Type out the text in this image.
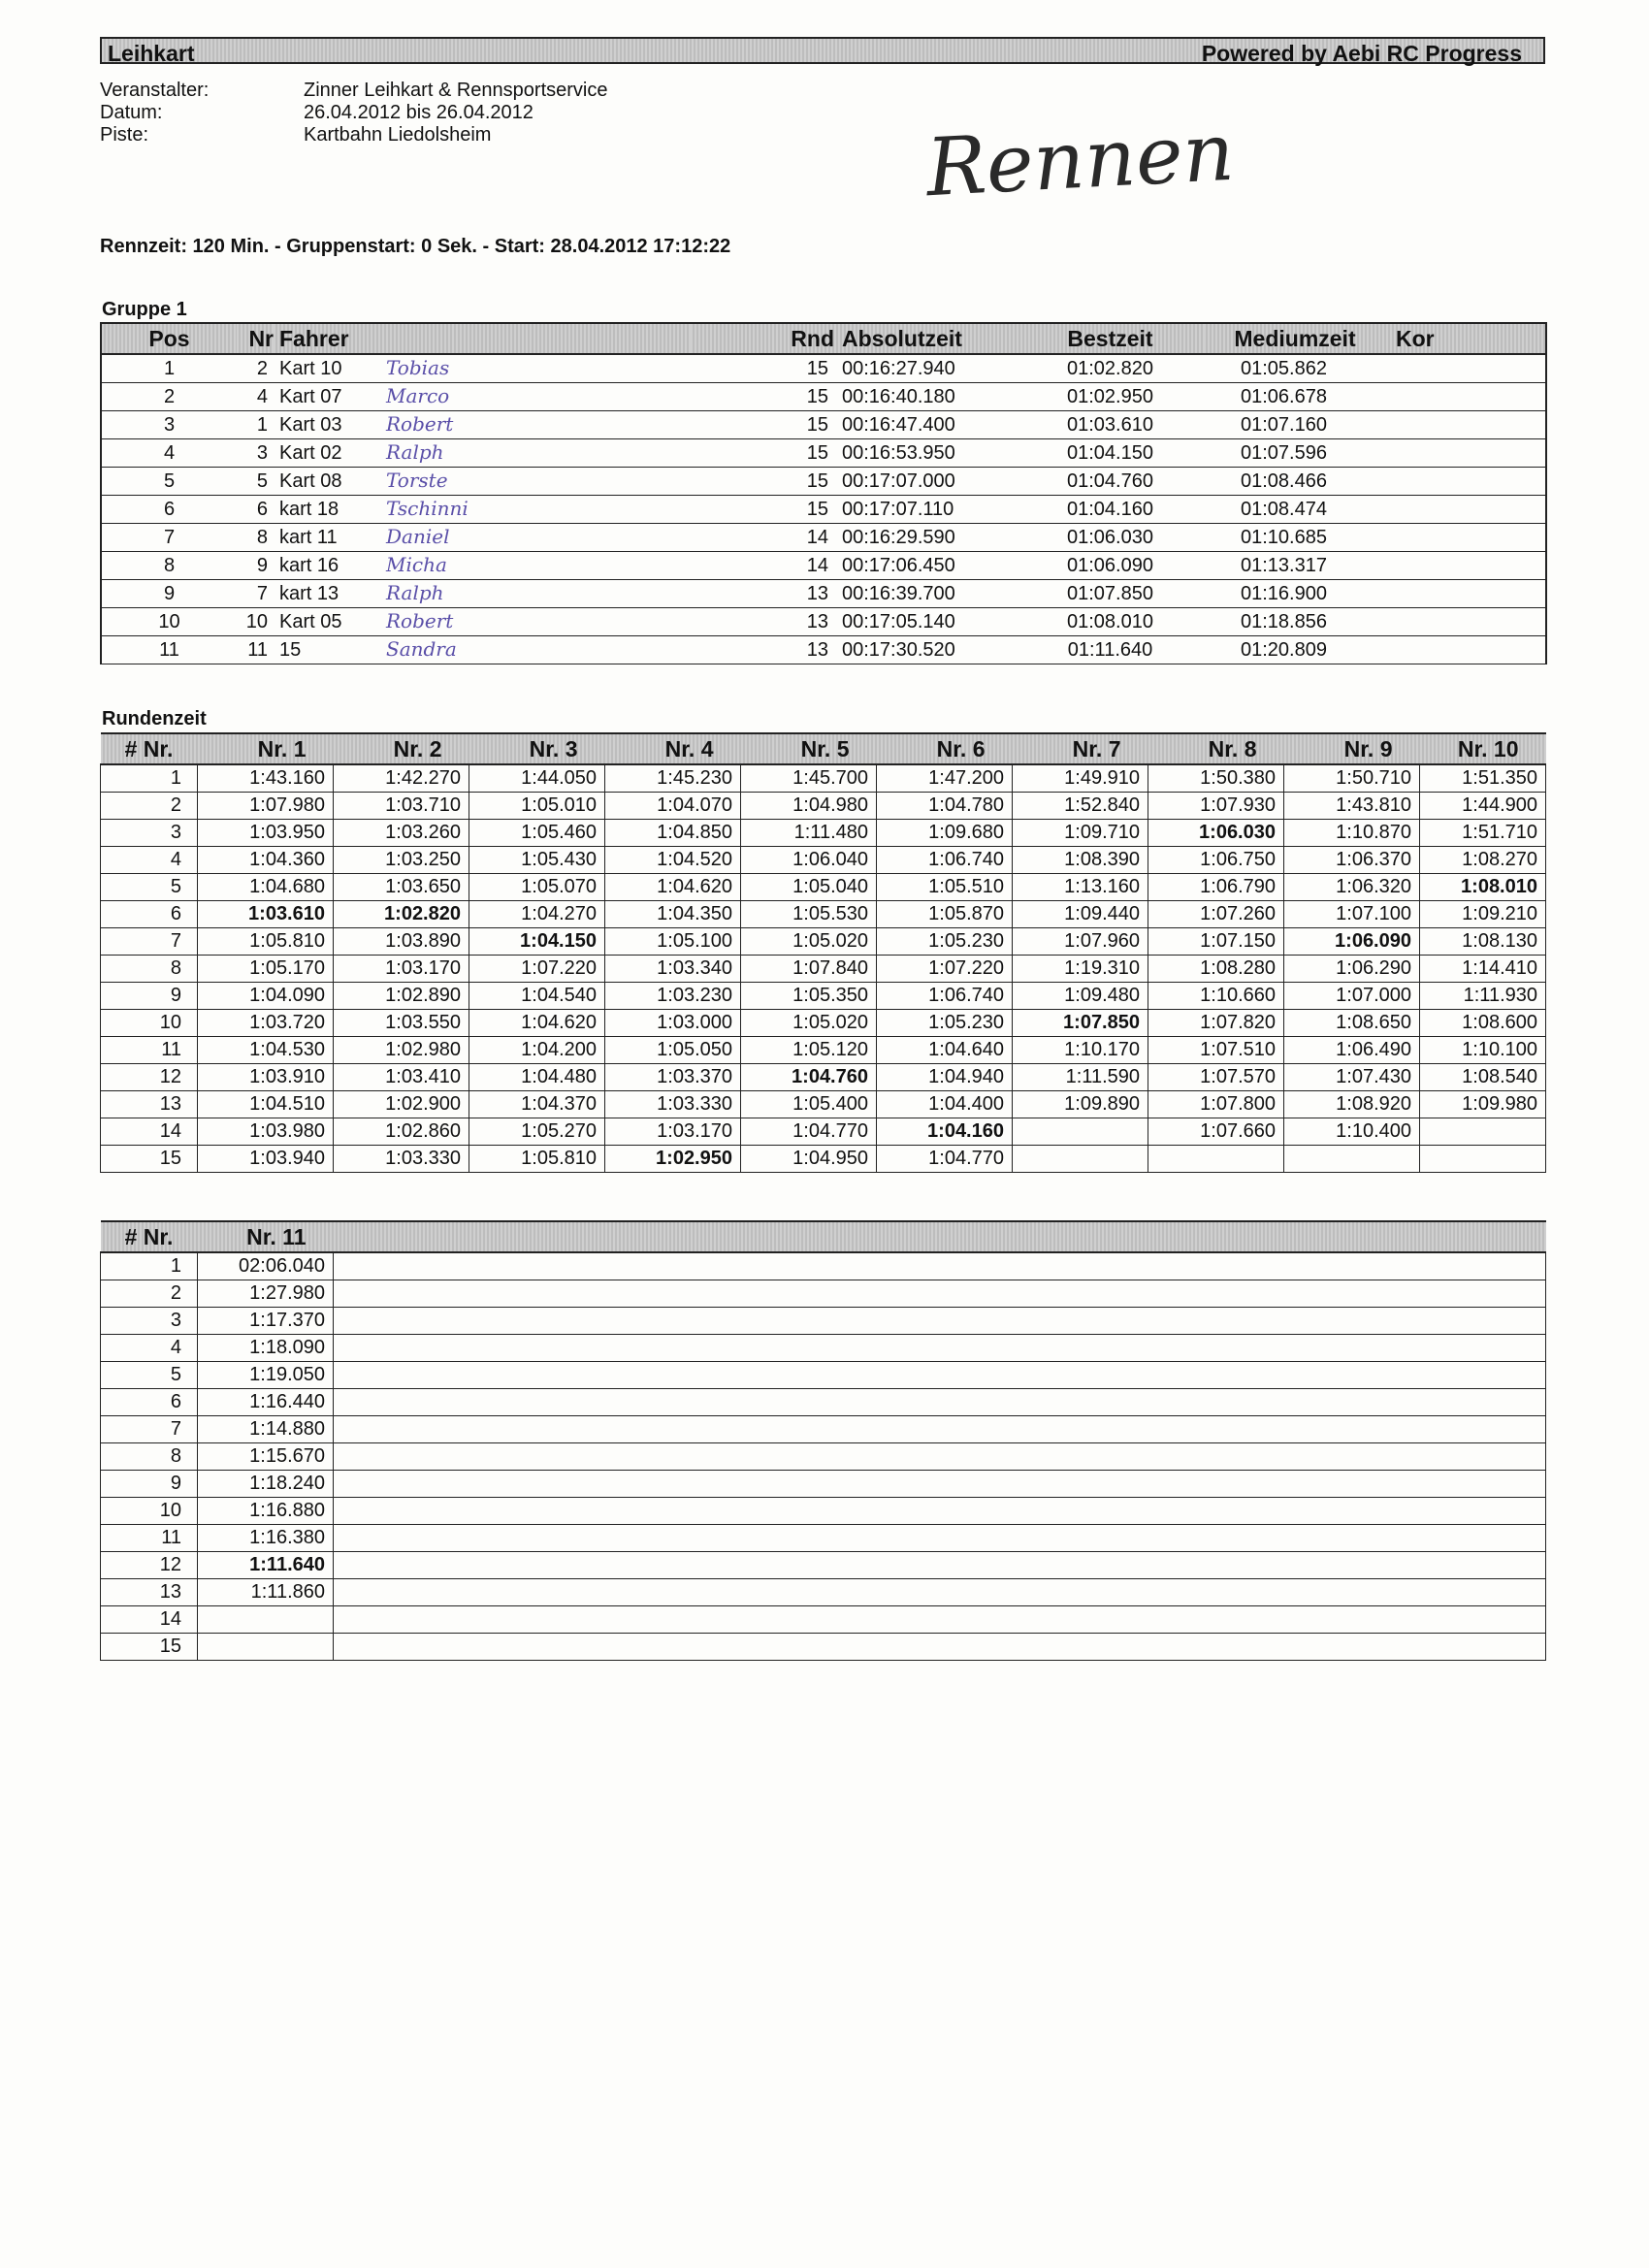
Leihkart	Powered by Aebi RC Progress
Veranstalter:	Zinner Leihkart & Rennsportservice
Datum:	26.04.2012 bis 26.04.2012
Piste:	Kartbahn Liedolsheim	Rennen
Rennzeit: 120 Min. - Gruppenstart: 0 Sek. - Start: 28.04.2012 17:12:22
Gruppe 1
Pos	Nr	Fahrer	Rnd	Absolutzeit	Bestzeit	Mediumzeit	Kor
1	2	Kart 10 Tobias	15	00:16:27.940	01:02.820	01:05.862	
2	4	Kart 07 Marco	15	00:16:40.180	01:02.950	01:06.678	
3	1	Kart 03 Robert	15	00:16:47.400	01:03.610	01:07.160	
4	3	Kart 02 Ralph	15	00:16:53.950	01:04.150	01:07.596	
5	5	Kart 08 Torste	15	00:17:07.000	01:04.760	01:08.466	
6	6	kart 18 Tschinni	15	00:17:07.110	01:04.160	01:08.474	
7	8	kart 11 Daniel	14	00:16:29.590	01:06.030	01:10.685	
8	9	kart 16 Micha	14	00:17:06.450	01:06.090	01:13.317	
9	7	kart 13 Ralph	13	00:16:39.700	01:07.850	01:16.900	
10	10	Kart 05 Robert	13	00:17:05.140	01:08.010	01:18.856	
11	11	15 Sandra	13	00:17:30.520	01:11.640	01:20.809	
Rundenzeit
# Nr.	Nr. 1	Nr. 2	Nr. 3	Nr. 4	Nr. 5	Nr. 6	Nr. 7	Nr. 8	Nr. 9	Nr. 10
1	1:43.160	1:42.270	1:44.050	1:45.230	1:45.700	1:47.200	1:49.910	1:50.380	1:50.710	1:51.350
2	1:07.980	1:03.710	1:05.010	1:04.070	1:04.980	1:04.780	1:52.840	1:07.930	1:43.810	1:44.900
3	1:03.950	1:03.260	1:05.460	1:04.850	1:11.480	1:09.680	1:09.710	1:06.030	1:10.870	1:51.710
4	1:04.360	1:03.250	1:05.430	1:04.520	1:06.040	1:06.740	1:08.390	1:06.750	1:06.370	1:08.270
5	1:04.680	1:03.650	1:05.070	1:04.620	1:05.040	1:05.510	1:13.160	1:06.790	1:06.320	1:08.010
6	1:03.610	1:02.820	1:04.270	1:04.350	1:05.530	1:05.870	1:09.440	1:07.260	1:07.100	1:09.210
7	1:05.810	1:03.890	1:04.150	1:05.100	1:05.020	1:05.230	1:07.960	1:07.150	1:06.090	1:08.130
8	1:05.170	1:03.170	1:07.220	1:03.340	1:07.840	1:07.220	1:19.310	1:08.280	1:06.290	1:14.410
9	1:04.090	1:02.890	1:04.540	1:03.230	1:05.350	1:06.740	1:09.480	1:10.660	1:07.000	1:11.930
10	1:03.720	1:03.550	1:04.620	1:03.000	1:05.020	1:05.230	1:07.850	1:07.820	1:08.650	1:08.600
11	1:04.530	1:02.980	1:04.200	1:05.050	1:05.120	1:04.640	1:10.170	1:07.510	1:06.490	1:10.100
12	1:03.910	1:03.410	1:04.480	1:03.370	1:04.760	1:04.940	1:11.590	1:07.570	1:07.430	1:08.540
13	1:04.510	1:02.900	1:04.370	1:03.330	1:05.400	1:04.400	1:09.890	1:07.800	1:08.920	1:09.980
14	1:03.980	1:02.860	1:05.270	1:03.170	1:04.770	1:04.160		1:07.660	1:10.400	
15	1:03.940	1:03.330	1:05.810	1:02.950	1:04.950	1:04.770				
# Nr.	Nr. 11	
1	02:06.040	
2	1:27.980	
3	1:17.370	
4	1:18.090	
5	1:19.050	
6	1:16.440	
7	1:14.880	
8	1:15.670	
9	1:18.240	
10	1:16.880	
11	1:16.380	
12	1:11.640	
13	1:11.860	
14		
15		
